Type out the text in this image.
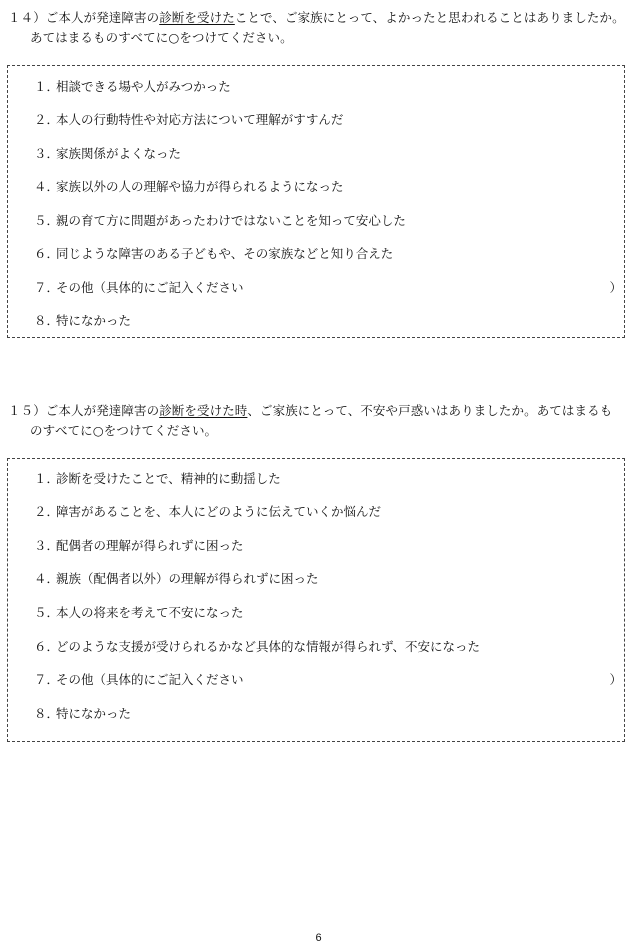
１４）ご本人が発達障害の診断を受けたことで、ご家族にとって、よかったと思われることはありましたか。
あてはまるものすべてに○をつけてください。
１．相談できる場や人がみつかった
２．本人の行動特性や対応方法について理解がすすんだ
３．家族関係がよくなった
４．家族以外の人の理解や協力が得られるようになった
５．親の育て方に問題があったわけではないことを知って安心した
６．同じような障害のある子どもや、その家族などと知り合えた
７．その他（具体的にご記入ください	）
８．特になかった
１５）ご本人が発達障害の診断を受けた時、ご家族にとって、不安や戸惑いはありましたか。あてはまるも
のすべてに○をつけてください。
１．診断を受けたことで、精神的に動揺した
２．障害があることを、本人にどのように伝えていくか悩んだ
３．配偶者の理解が得られずに困った
４．親族（配偶者以外）の理解が得られずに困った
５．本人の将来を考えて不安になった
６．どのような支援が受けられるかなど具体的な情報が得られず、不安になった
７．その他（具体的にご記入ください	）
８．特になかった
6
